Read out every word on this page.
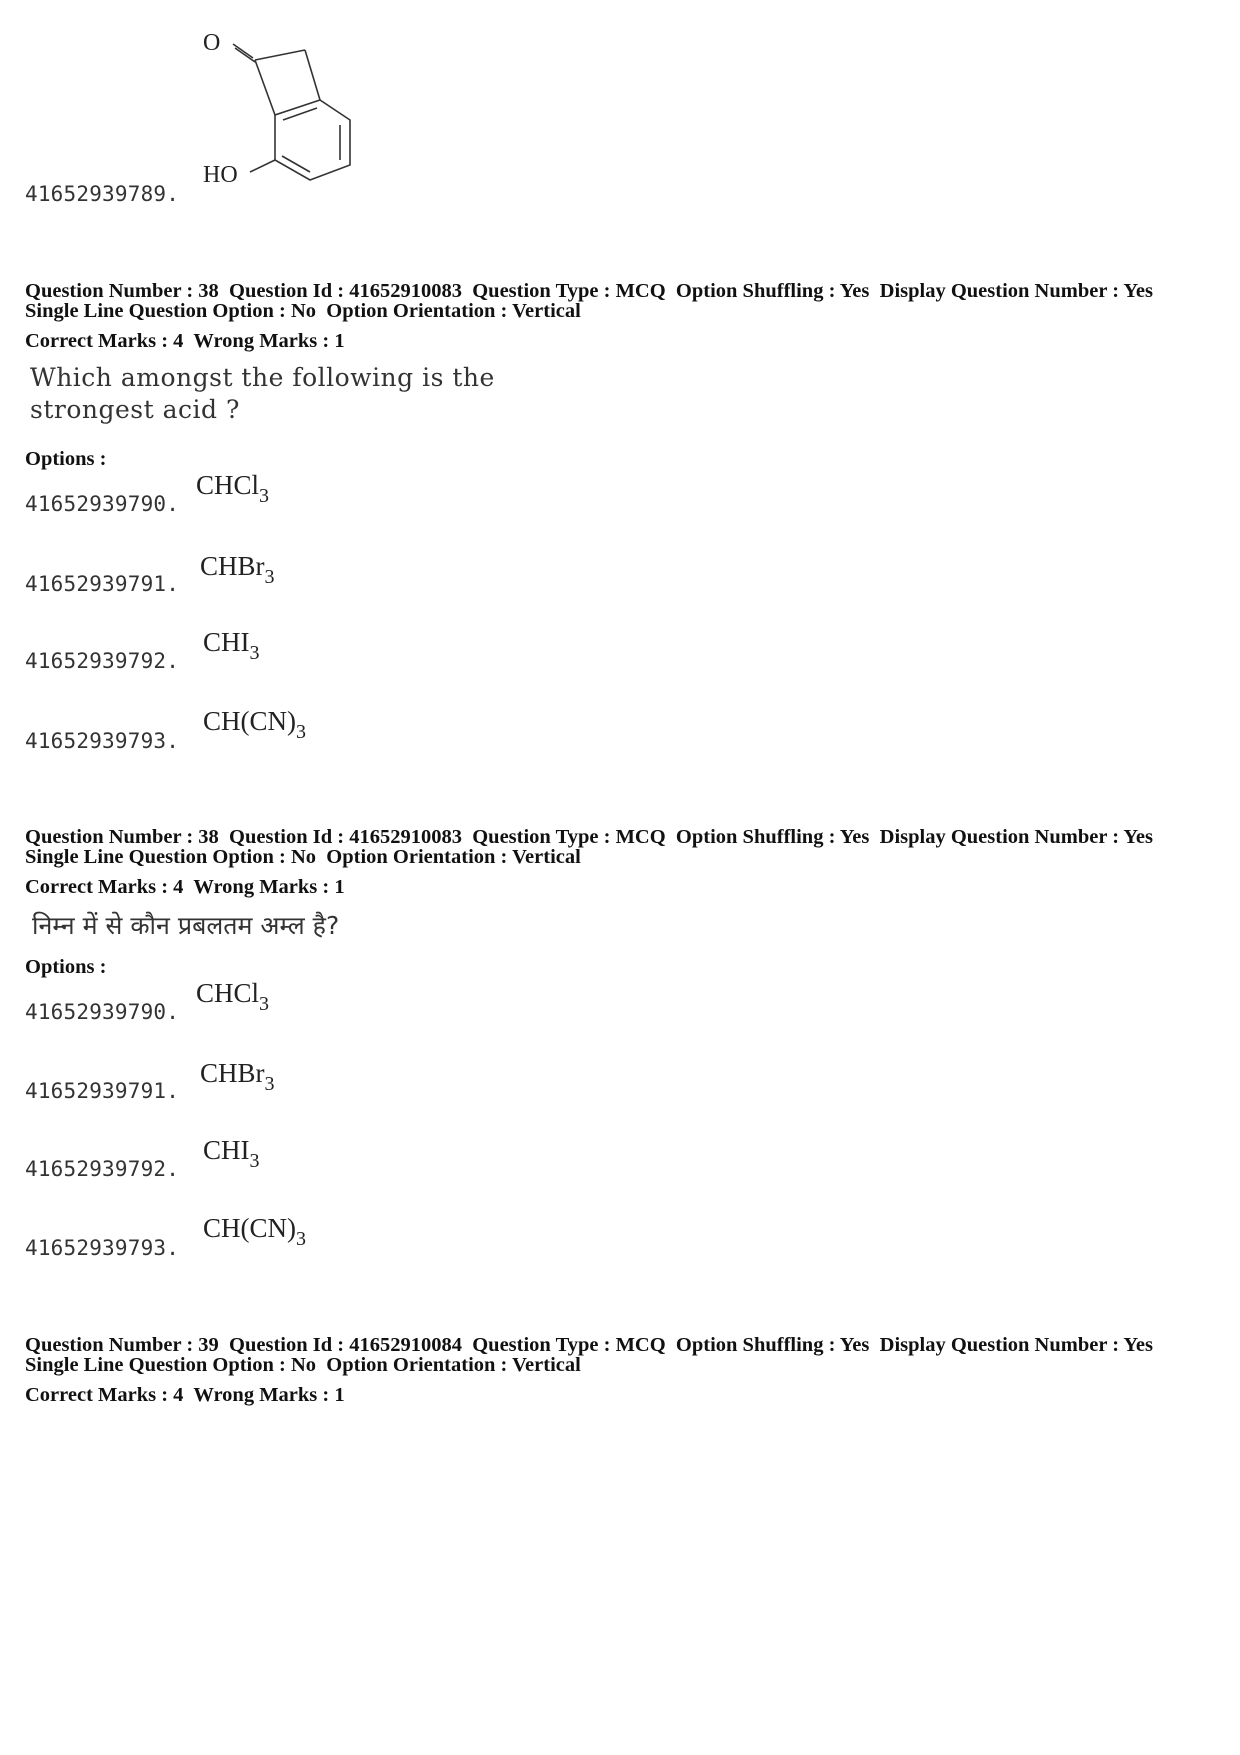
O
HO
41652939789.
Question Number : 38  Question Id : 41652910083  Question Type : MCQ  Option Shuffling : Yes  Display Question Number : Yes
Single Line Question Option : No  Option Orientation : Vertical
Correct Marks : 4  Wrong Marks : 1
Which amongst the following is the
strongest acid ?
Options :
41652939790.
CHCl$_3$
41652939791.
CHBr$_3$
41652939792.
$CHI_3$
41652939793.
$CH(CN)_3$
Question Number : 38  Question Id : 41652910083  Question Type : MCQ  Option Shuffling : Yes  Display Question Number : Yes
Single Line Question Option : No  Option Orientation : Vertical
Correct Marks : 4  Wrong Marks : 1
निम्न में से कौन प्रबलतम अम्ल है?
Options :
41652939790.
CHCl$_3$
41652939791.
CHBr$_3$
41652939792.
$CHI_3$
41652939793.
$CH(CN)_3$
Question Number : 39  Question Id : 41652910084  Question Type : MCQ  Option Shuffling : Yes  Display Question Number : Yes
Single Line Question Option : No  Option Orientation : Vertical
Correct Marks : 4  Wrong Marks : 1
